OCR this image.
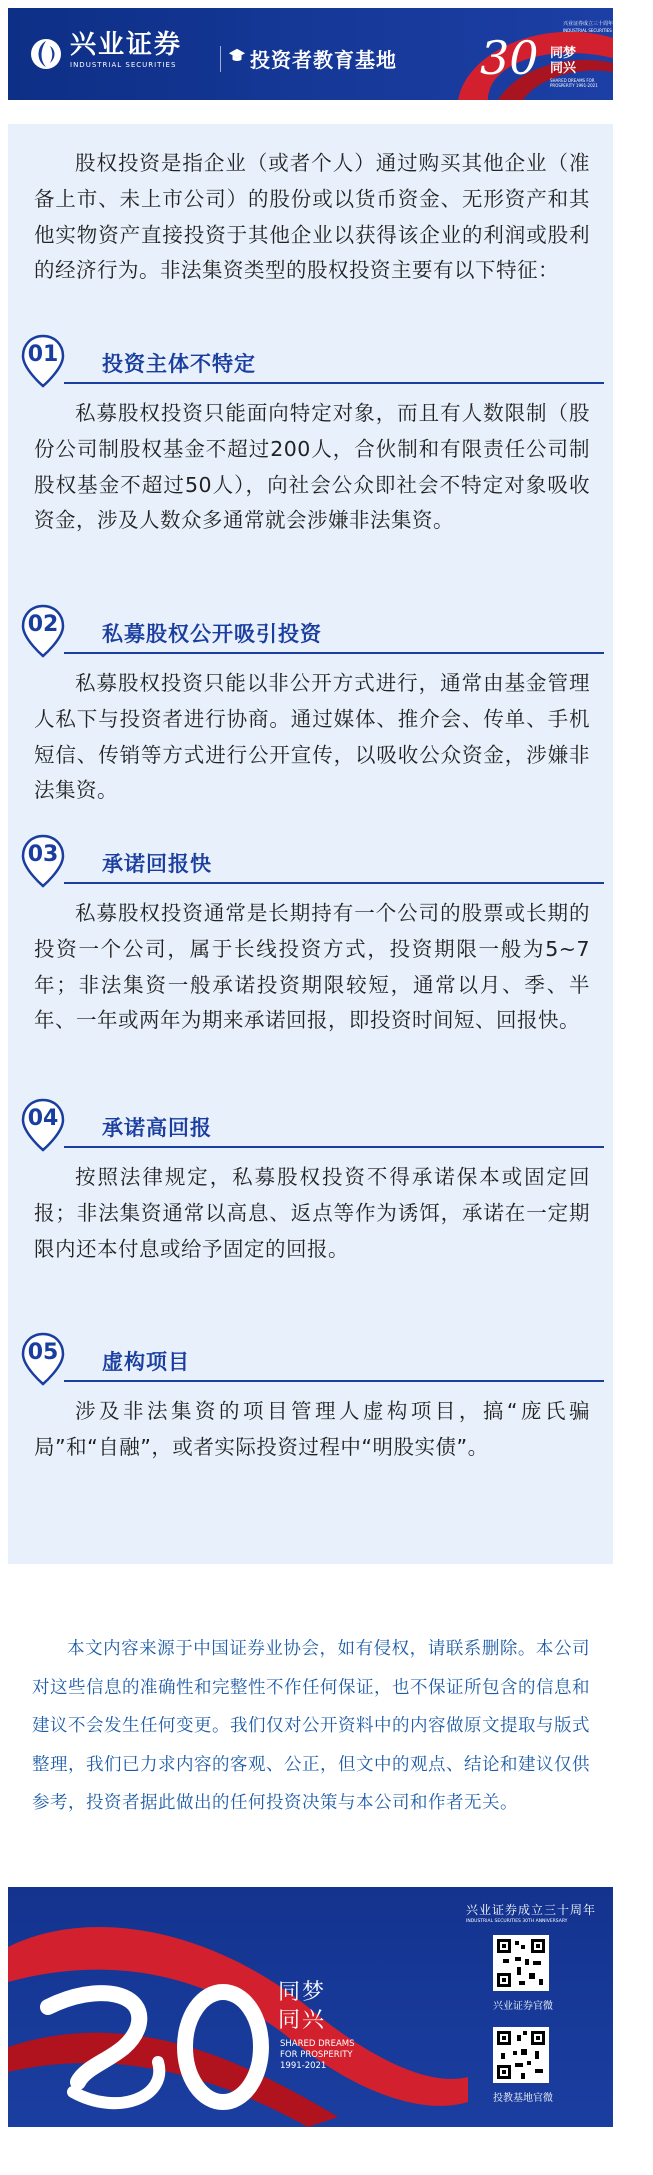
兴业证券
INDUSTRIAL SECURITIES	投资者教育基地 30
兴业证券成立三十周年
INDUSTRIAL SECURITIES 30TH ANNIVERSARY
同梦同兴
SHARED DREAMS FOR PROSPERITY 1991-2021

股权投资是指企业（或者个人）通过购买其他企业（准备上市、未上市公司）的股份或以货币资金、无形资产和其他实物资产直接投资于其他企业以获得该企业的利润或股利的经济行为。非法集资类型的股权投资主要有以下特征：

01	投资主体不特定

私募股权投资只能面向特定对象，而且有人数限制（股份公司制股权基金不超过200人，合伙制和有限责任公司制股权基金不超过50人），向社会公众即社会不特定对象吸收资金，涉及人数众多通常就会涉嫌非法集资。

02	私募股权公开吸引投资

私募股权投资只能以非公开方式进行，通常由基金管理人私下与投资者进行协商。通过媒体、推介会、传单、手机短信、传销等方式进行公开宣传，以吸收公众资金，涉嫌非法集资。

03	承诺回报快

私募股权投资通常是长期持有一个公司的股票或长期的投资一个公司，属于长线投资方式，投资期限一般为5~7年；非法集资一般承诺投资期限较短，通常以月、季、半年、一年或两年为期来承诺回报，即投资时间短、回报快。

04	承诺高回报

按照法律规定，私募股权投资不得承诺保本或固定回报；非法集资通常以高息、返点等作为诱饵，承诺在一定期限内还本付息或给予固定的回报。

05	虚构项目

涉及非法集资的项目管理人虚构项目，搞“庞氏骗局”和“自融”，或者实际投资过程中“明股实债”。

本文内容来源于中国证券业协会，如有侵权，请联系删除。本公司对这些信息的准确性和完整性不作任何保证，也不保证所包含的信息和建议不会发生任何变更。我们仅对公开资料中的内容做原文提取与版式整理，我们已力求内容的客观、公正，但文中的观点、结论和建议仅供参考，投资者据此做出的任何投资决策与本公司和作者无关。

同梦同兴
SHARED DREAMS
FOR PROSPERITY
1991-2021
兴业证券成立三十周年
INDUSTRIAL SECURITIES 30TH ANNIVERSARY
兴业证券官微
投教基地官微
